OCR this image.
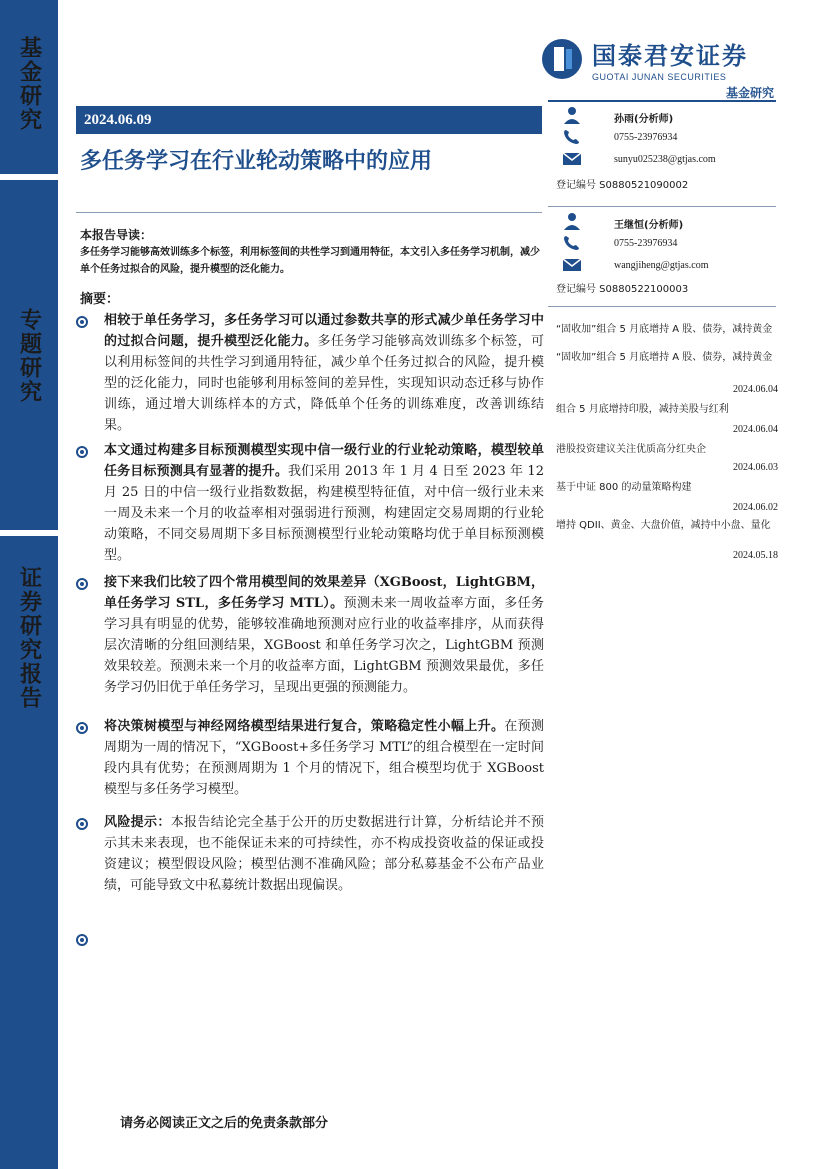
基金研究
专题研究
证券研究报告
国泰君安证券
GUOTAI JUNAN SECURITIES
基金研究
2024.06.09
多任务学习在行业轮动策略中的应用
本报告导读：
多任务学习能够高效训练多个标签，利用标签间的共性学习到通用特征，本文引入多任务学习机制，减少单个任务过拟合的风险，提升模型的泛化能力。
摘要：
相较于单任务学习，多任务学习可以通过参数共享的形式减少单任务学习中的过拟合问题，提升模型泛化能力。多任务学习能够高效训练多个标签，可以利用标签间的共性学习到通用特征，减少单个任务过拟合的风险，提升模型的泛化能力，同时也能够利用标签间的差异性，实现知识动态迁移与协作训练，通过增大训练样本的方式，降低单个任务的训练难度，改善训练结果。
本文通过构建多目标预测模型实现中信一级行业的行业轮动策略，模型较单任务目标预测具有显著的提升。我们采用 2013 年 1 月 4 日至 2023 年 12 月 25 日的中信一级行业指数数据，构建模型特征值，对中信一级行业未来一周及未来一个月的收益率相对强弱进行预测，构建固定交易周期的行业轮动策略，不同交易周期下多目标预测模型行业轮动策略均优于单目标预测模型。
接下来我们比较了四个常用模型间的效果差异（XGBoost，LightGBM，单任务学习 STL，多任务学习 MTL）。预测未来一周收益率方面，多任务学习具有明显的优势，能够较准确地预测对应行业的收益率排序，从而获得层次清晰的分组回测结果，XGBoost 和单任务学习次之，LightGBM 预测效果较差。预测未来一个月的收益率方面，LightGBM 预测效果最优，多任务学习仍旧优于单任务学习，呈现出更强的预测能力。
将决策树模型与神经网络模型结果进行复合，策略稳定性小幅上升。在预测周期为一周的情况下，“XGBoost+多任务学习 MTL”的组合模型在一定时间段内具有优势；在预测周期为 1 个月的情况下，组合模型均优于 XGBoost 模型与多任务学习模型。
风险提示：本报告结论完全基于公开的历史数据进行计算，分析结论并不预示其未来表现，也不能保证未来的可持续性，亦不构成投资收益的保证或投资建议；模型假设风险；模型估测不准确风险；部分私募基金不公布产品业绩，可能导致文中私募统计数据出现偏误。
孙雨(分析师)
0755-23976934
sunyu025238@gtjas.com
登记编号 S0880521090002
王继恒(分析师)
0755-23976934
wangjiheng@gtjas.com
登记编号 S0880522100003
“固收加”组合 5 月底增持 A 股、债券，减持黄金
“固收加”组合 5 月底增持 A 股、债券，减持黄金
2024.06.04
组合 5 月底增持印股，减持美股与红利
2024.06.04
港股投资建议关注优质高分红央企
2024.06.03
基于中证 800 的动量策略构建
2024.06.02
增持 QDII、黄金、大盘价值，减持中小盘、量化
2024.05.18
请务必阅读正文之后的免责条款部分
